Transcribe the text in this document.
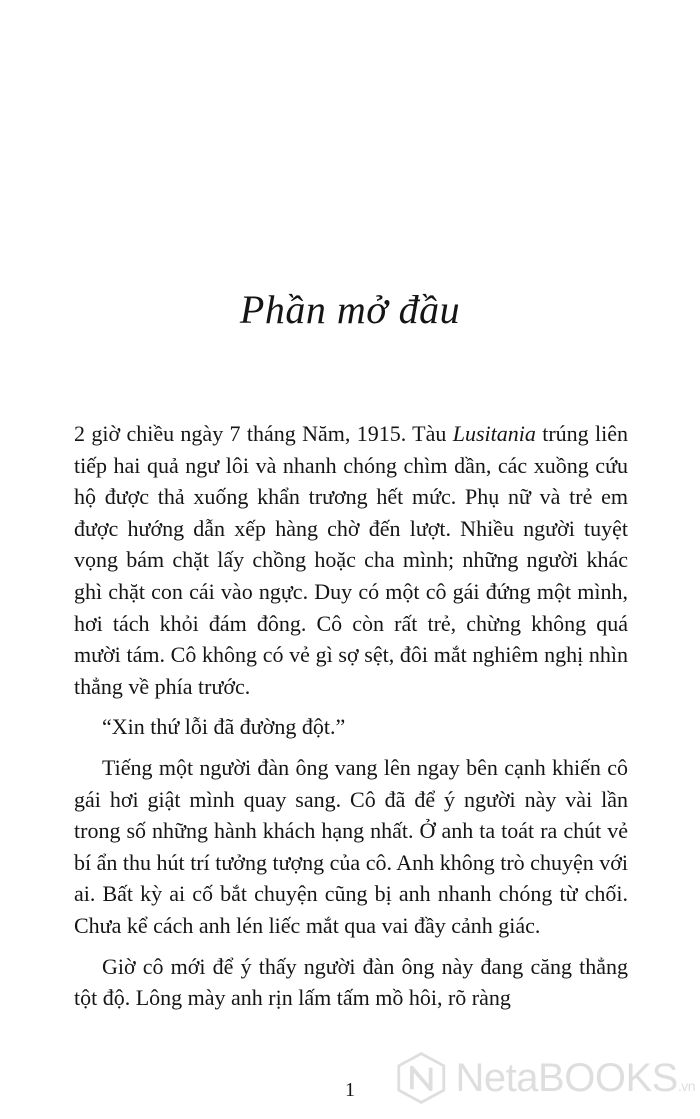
Phần mở đầu

2 giờ chiều ngày 7 tháng Năm, 1915. Tàu Lusitania trúng liên tiếp hai quả ngư lôi và nhanh chóng chìm dần, các xuồng cứu hộ được thả xuống khẩn trương hết mức. Phụ nữ và trẻ em được hướng dẫn xếp hàng chờ đến lượt. Nhiều người tuyệt vọng bám chặt lấy chồng hoặc cha mình; những người khác ghì chặt con cái vào ngực. Duy có một cô gái đứng một mình, hơi tách khỏi đám đông. Cô còn rất trẻ, chừng không quá mười tám. Cô không có vẻ gì sợ sệt, đôi mắt nghiêm nghị nhìn thẳng về phía trước.

“Xin thứ lỗi đã đường đột.”

Tiếng một người đàn ông vang lên ngay bên cạnh khiến cô gái hơi giật mình quay sang. Cô đã để ý người này vài lần trong số những hành khách hạng nhất. Ở anh ta toát ra chút vẻ bí ẩn thu hút trí tưởng tượng của cô. Anh không trò chuyện với ai. Bất kỳ ai cố bắt chuyện cũng bị anh nhanh chóng từ chối. Chưa kể cách anh lén liếc mắt qua vai đầy cảnh giác.

Giờ cô mới để ý thấy người đàn ông này đang căng thẳng tột độ. Lông mày anh rịn lấm tấm mồ hôi, rõ ràng

1	NetaBOOKS.vn
